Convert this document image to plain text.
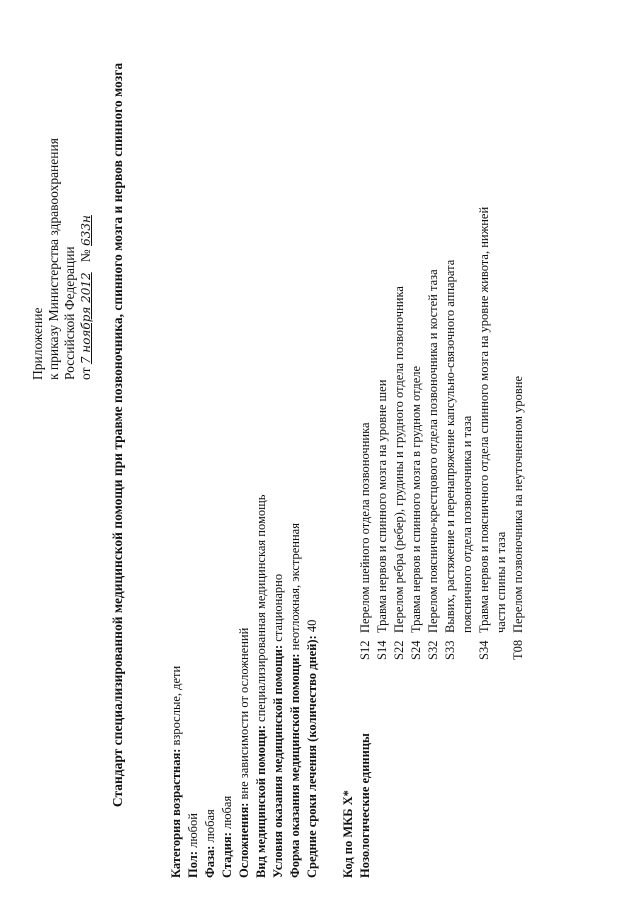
Приложение к приказу Министерства здравоохранения Российской Федерации от 7 ноября 2012   № 633н Стандарт специализированной медицинской помощи при травме позвоночника, спинного мозга и нервов спинного мозга
Категория возрастная: взрослые, дети
Пол: любой
Фаза: любая
Стадия: любая Осложнения: вне зависимости от осложнений Вид медицинской помощи: специализированная медицинская помощь
Условия оказания медицинской помощи: стационарно
Форма оказания медицинской помощи: неотложная, экстренная
Средние сроки лечения (количество дней): 40
Код по МКБ X* Нозологические единицы
S12
Перелом шейного отдела позвоночника
S14
Травма нервов и спинного мозга на уровне шеи
S22
Перелом ребра (ребер), грудины и грудного отдела позвоночника
S24
Травма нервов и спинного мозга в грудном отделе
S32
Перелом пояснично-крестцового отдела позвоночника и костей таза
S33
Вывих, растяжение и перенапряжение капсульно-связочного аппарата поясничного отдела позвоночника и таза
S34
Травма нервов и поясничного отдела спинного мозга на уровне живота, нижней части спины и таза
T08
Перелом позвоночника на неуточненном уровне
